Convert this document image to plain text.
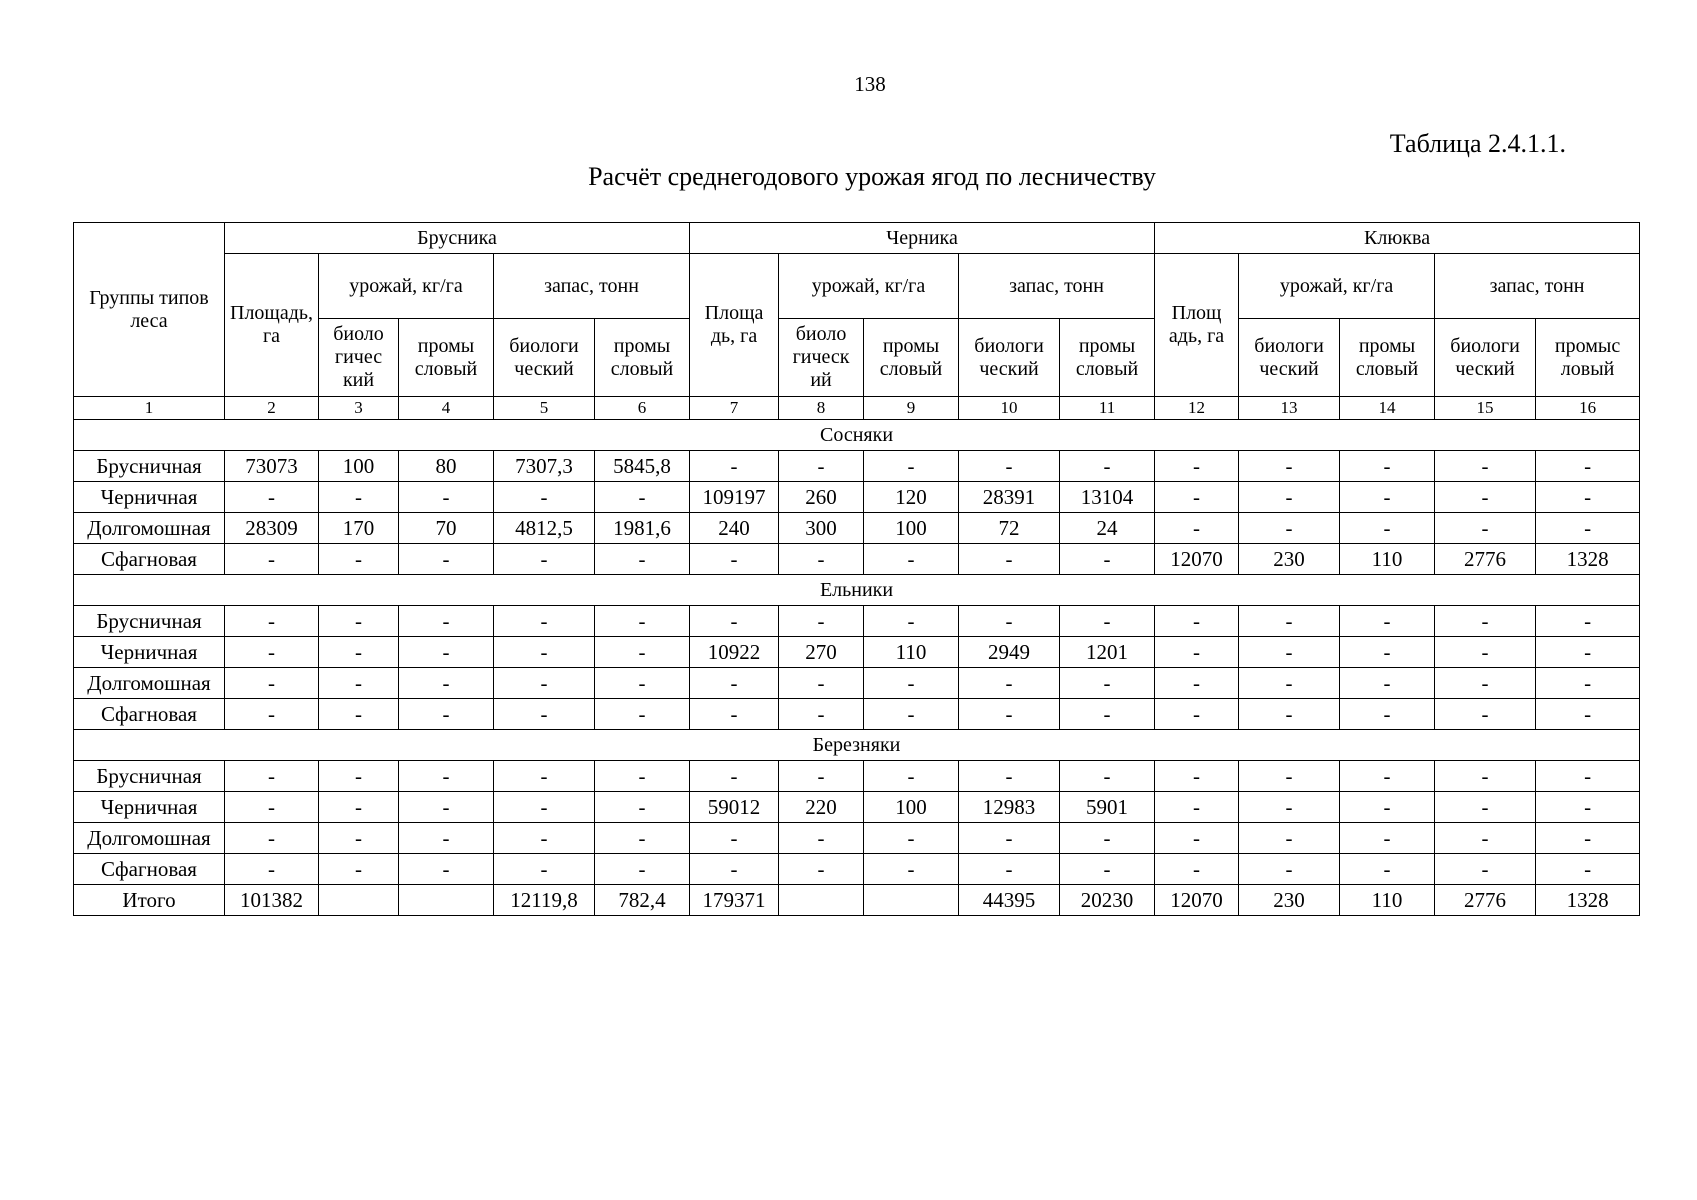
138
Таблица 2.4.1.1.
Расчёт среднегодового урожая ягод по лесничеству
Группы типов леса	Брусника					Черника					Клюква				
	Площадь, га	урожай, кг/га		запас, тонн		Площа дь, га	урожай, кг/га		запас, тонн		Площ адь, га	урожай, кг/га		запас, тонн	
		биоло гичес кий	промы словый	биологи ческий	промы словый		биоло гическ ий	промы словый	биологи ческий	промы словый		биологи ческий	промы словый	биологи ческий	промыс ловый
1	2	3	4	5	6	7	8	9	10	11	12	13	14	15	16
Сосняки															
Брусничная	73073	100	80	7307,3	5845,8	-	-	-	-	-	-	-	-	-	-
Черничная	-	-	-	-	-	109197	260	120	28391	13104	-	-	-	-	-
Долгомошная	28309	170	70	4812,5	1981,6	240	300	100	72	24	-	-	-	-	-
Сфагновая	-	-	-	-	-	-	-	-	-	-	12070	230	110	2776	1328
Ельники															
Брусничная	-	-	-	-	-	-	-	-	-	-	-	-	-	-	-
Черничная	-	-	-	-	-	10922	270	110	2949	1201	-	-	-	-	-
Долгомошная	-	-	-	-	-	-	-	-	-	-	-	-	-	-	-
Сфагновая	-	-	-	-	-	-	-	-	-	-	-	-	-	-	-
Березняки															
Брусничная	-	-	-	-	-	-	-	-	-	-	-	-	-	-	-
Черничная	-	-	-	-	-	59012	220	100	12983	5901	-	-	-	-	-
Долгомошная	-	-	-	-	-	-	-	-	-	-	-	-	-	-	-
Сфагновая	-	-	-	-	-	-	-	-	-	-	-	-	-	-	-
Итого	101382			12119,8	782,4	179371			44395	20230	12070	230	110	2776	1328
